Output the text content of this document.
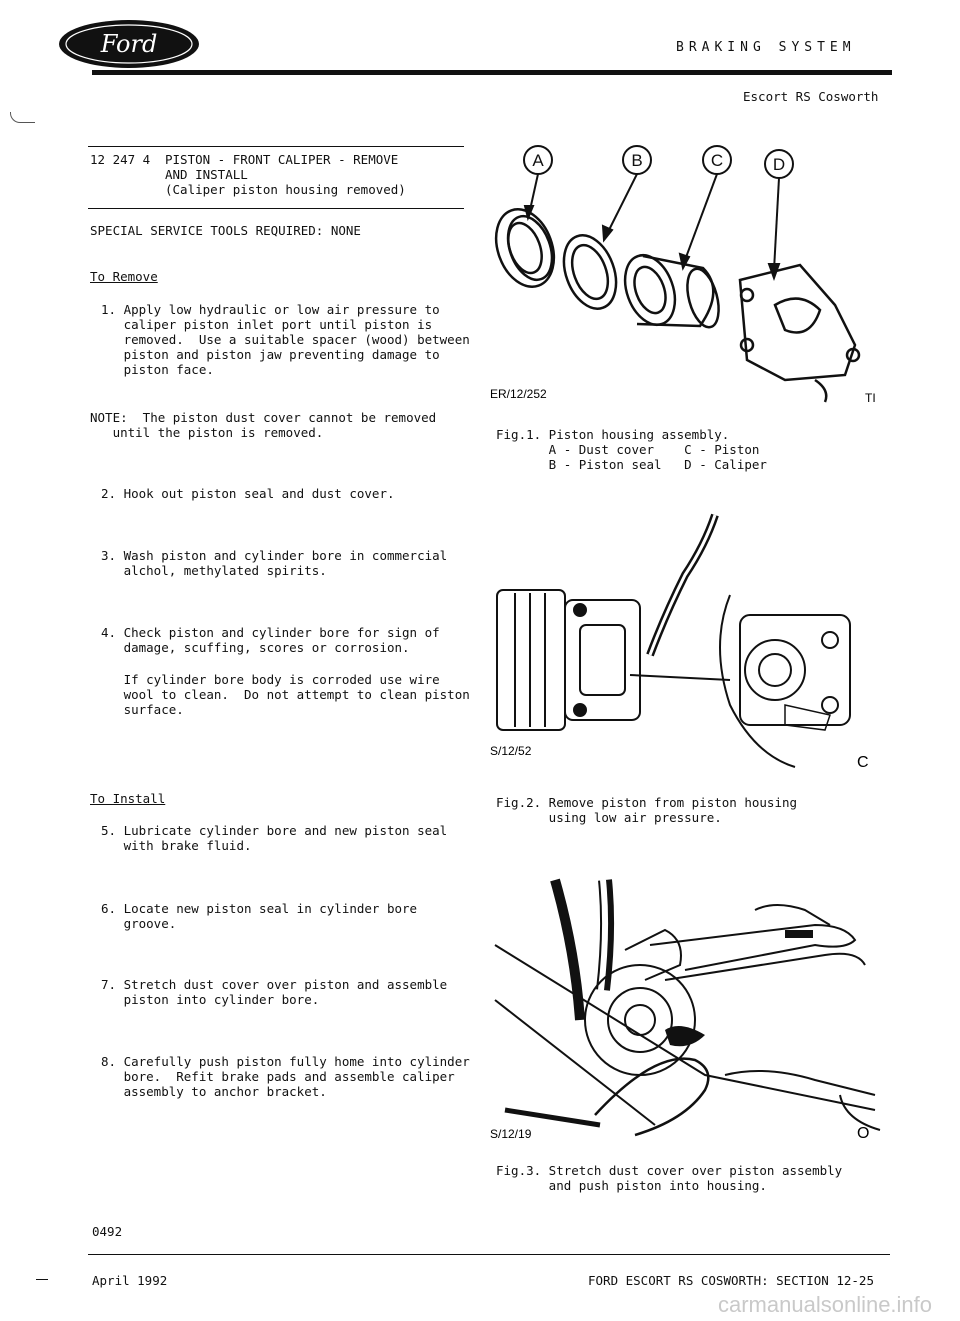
Ford	BRAKING SYSTEM
Escort RS Cosworth
12 247 4 PISTON - FRONT CALIPER - REMOVE
AND INSTALL
(Caliper piston housing removed)
SPECIAL SERVICE TOOLS REQUIRED: NONE
To Remove
1. Apply low hydraulic or low air pressure to
caliper piston inlet port until piston is
removed.  Use a suitable spacer (wood) between
piston and piston jaw preventing damage to
piston face.
NOTE:  The piston dust cover cannot be removed
until the piston is removed.
2. Hook out piston seal and dust cover.
3. Wash piston and cylinder bore in commercial
alchol, methylated spirits.
4. Check piston and cylinder bore for sign of
damage, scuffing, scores or corrosion.
If cylinder bore body is corroded use wire
wool to clean.  Do not attempt to clean piston
surface.
To Install
5. Lubricate cylinder bore and new piston seal
with brake fluid.
6. Locate new piston seal in cylinder bore
groove.
7. Stretch dust cover over piston and assemble
piston into cylinder bore.
8. Carefully push piston fully home into cylinder
bore.  Refit brake pads and assemble caliper
assembly to anchor bracket.
A	B	C	D
ER/12/252	TI
Fig.1. Piston housing assembly.
A - Dust cover    C - Piston
B - Piston seal   D - Caliper
S/12/52
C
Fig.2. Remove piston from piston housing
using low air pressure.
S/12/19	O
Fig.3. Stretch dust cover over piston assembly
and push piston into housing.
0492
April 1992	FORD ESCORT RS COSWORTH: SECTION 12-25
carmanualsonline.info
